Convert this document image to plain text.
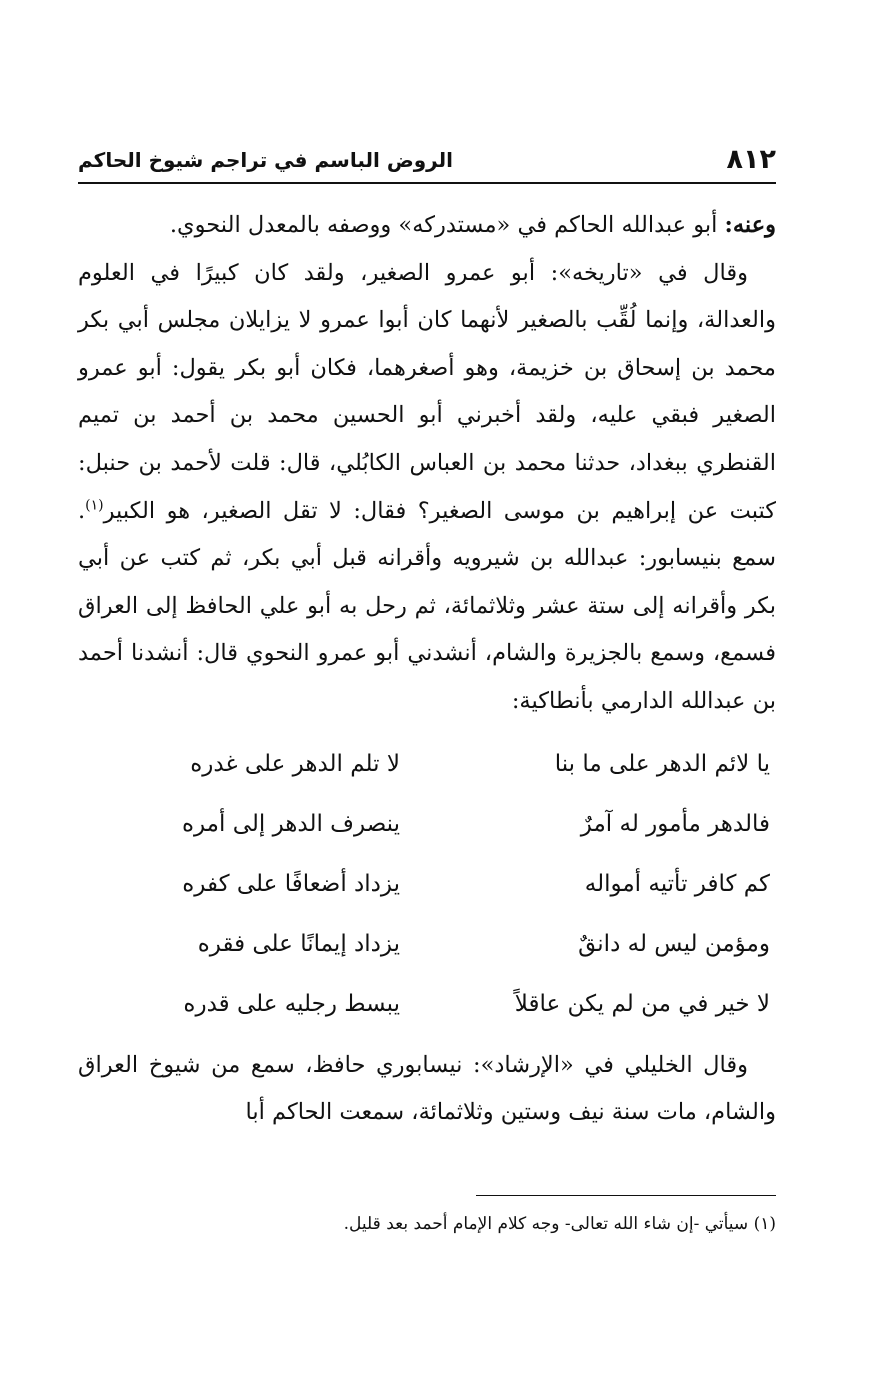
٨١٢
الروض الباسم في تراجم شيوخ الحاكم

وعنه: أبو عبدالله الحاكم في «مستدركه» ووصفه بالمعدل النحوي.

وقال في «تاريخه»: أبو عمرو الصغير، ولقد كان كبيرًا في العلوم والعدالة، وإنما لُقِّب بالصغير لأنهما كان أبوا عمرو لا يزايلان مجلس أبي بكر محمد بن إسحاق بن خزيمة، وهو أصغرهما، فكان أبو بكر يقول: أبو عمرو الصغير فبقي عليه، ولقد أخبرني أبو الحسين محمد بن أحمد بن تميم القنطري ببغداد، حدثنا محمد بن العباس الكابُلي، قال: قلت لأحمد بن حنبل: كتبت عن إبراهيم بن موسى الصغير؟ فقال: لا تقل الصغير، هو الكبير$^{(١)}$. سمع بنيسابور: عبدالله بن شيرويه وأقرانه قبل أبي بكر، ثم كتب عن أبي بكر وأقرانه إلى ستة عشر وثلاثمائة، ثم رحل به أبو علي الحافظ إلى العراق فسمع، وسمع بالجزيرة والشام، أنشدني أبو عمرو النحوي قال: أنشدنا أحمد بن عبدالله الدارمي بأنطاكية:

يا لائم الدهر على ما بنا
لا تلم الدهر على غدره
فالدهر مأمور له آمرٌ
ينصرف الدهر إلى أمره
كم كافر تأتيه أمواله
يزداد أضعافًا على كفره
ومؤمن ليس له دانقٌ
يزداد إيمانًا على فقره
لا خير في من لم يكن عاقلاً
يبسط رجليه على قدره

وقال الخليلي في «الإرشاد»: نيسابوري حافظ، سمع من شيوخ العراق والشام، مات سنة نيف وستين وثلاثمائة، سمعت الحاكم أبا

(١) سيأتي -إن شاء الله تعالى- وجه كلام الإمام أحمد بعد قليل.
